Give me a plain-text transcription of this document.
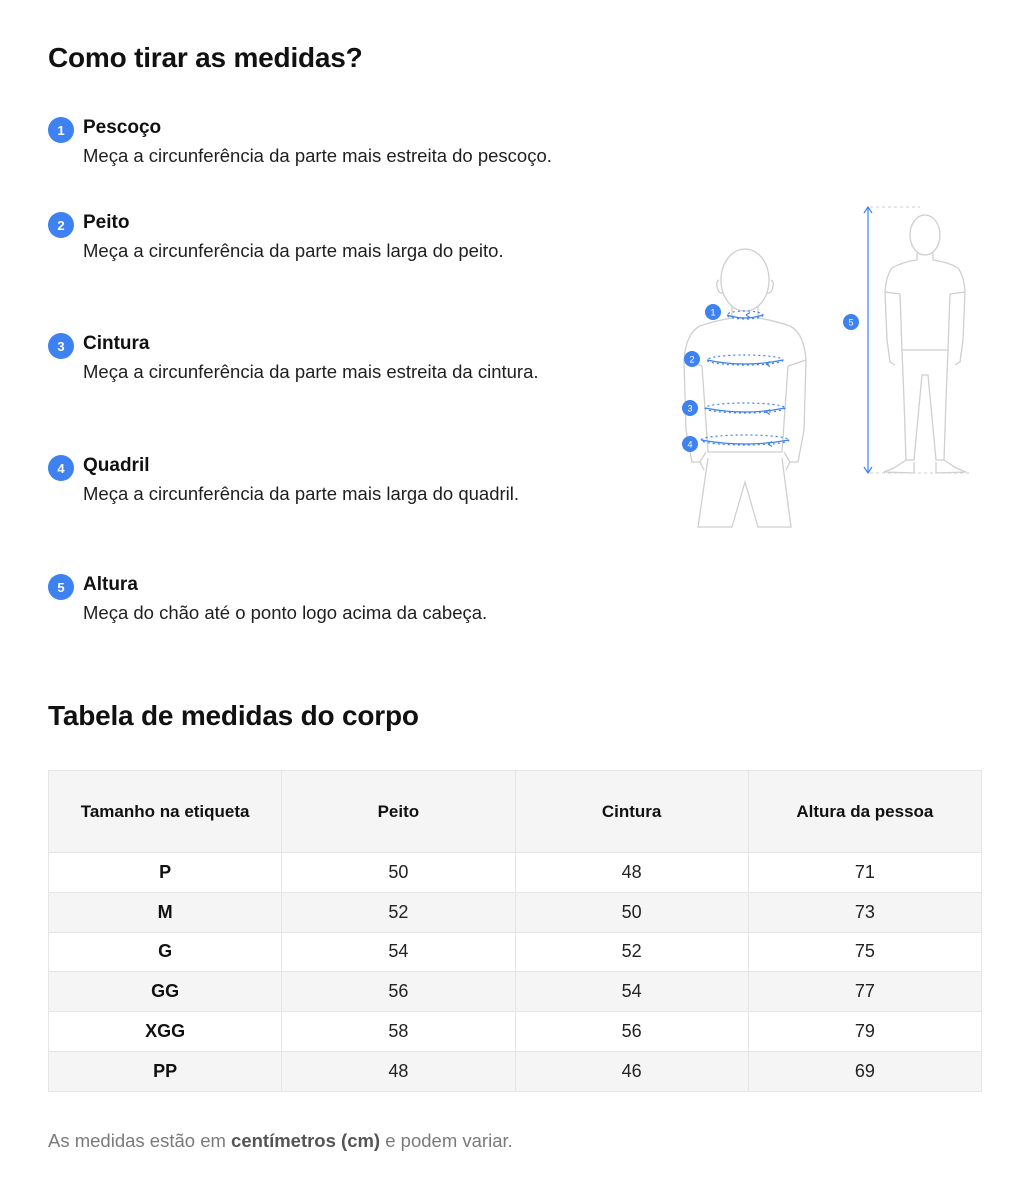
Como tirar as medidas?
1 Pescoço
Meça a circunferência da parte mais estreita do pescoço.
2 Peito
Meça a circunferência da parte mais larga do peito.
3 Cintura
Meça a circunferência da parte mais estreita da cintura.
4 Quadril
Meça a circunferência da parte mais larga do quadril.
5 Altura
Meça do chão até o ponto logo acima da cabeça.
1
2
3
4
5
Tabela de medidas do corpo
Tamanho na etiqueta	Peito	Cintura	Altura da pessoa
P	50	48	71
M	52	50	73
G	54	52	75
GG	56	54	77
XGG	58	56	79
PP	48	46	69
As medidas estão em centímetros (cm) e podem variar.
